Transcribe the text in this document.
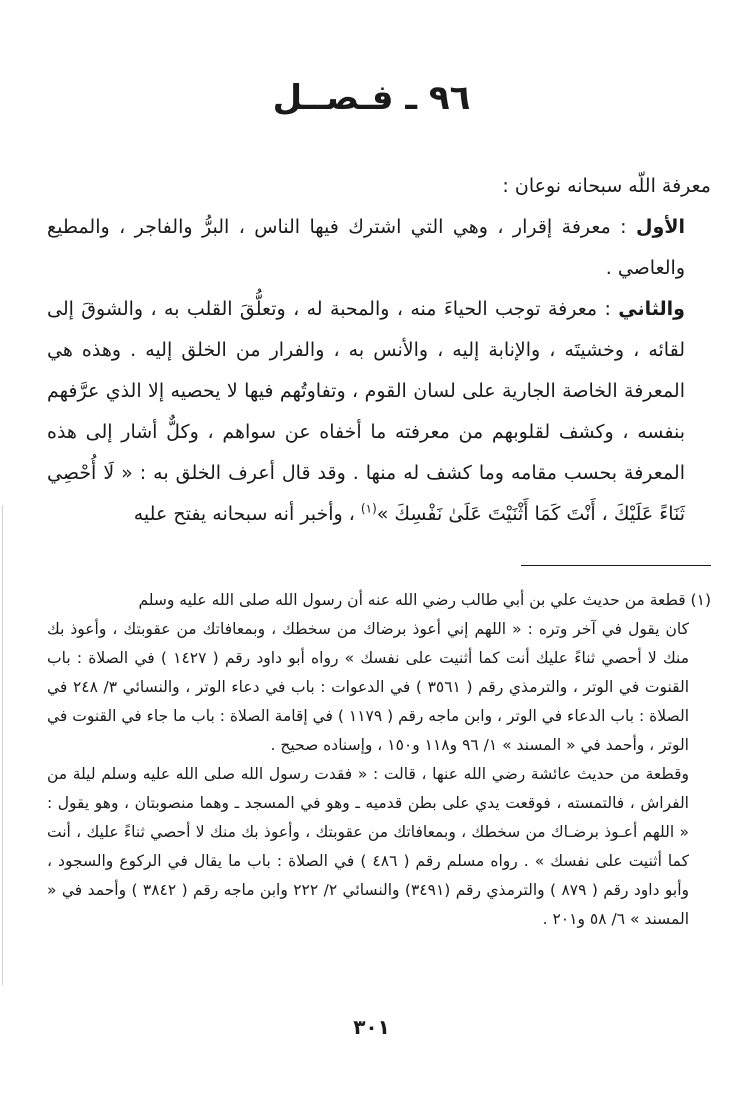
٩٦ ـ فـصــل

معرفة اللّه سبحانه نوعان :

الأول : معرفة إقرار ، وهي التي اشترك فيها الناس ، البرُّ والفاجر ، والمطيع والعاصي .

والثاني : معرفة توجب الحياءَ منه ، والمحبة له ، وتعلُّقَ القلب به ، والشوقَ إلى لقائه ، وخشيتَه ، والإنابة إليه ، والأنس به ، والفرار من الخلق إليه . وهذه هي المعرفة الخاصة الجارية على لسان القوم ، وتفاوتُهم فيها لا يحصيه إلا الذي عرَّفهم بنفسه ، وكشف لقلوبهم من معرفته ما أخفاه عن سواهم ، وكلٌّ أشار إلى هذه المعرفة بحسب مقامه وما كشف له منها . وقد قال أعرف الخلق به : « لَا أُحْصِي ثَنَاءً عَلَيْكَ ، أَنْتَ كَمَا أَثْنَيْتَ عَلَىٰ نَفْسِكَ »$^{(١)}$ ، وأخبر أنه سبحانه يفتح عليه

(١) قطعة من حديث علي بن أبي طالب رضي الله عنه أن رسول الله صلى الله عليه وسلم

كان يقول في آخر وتره : « اللهم إني أعوذ برضاك من سخطك ، وبمعافاتك من عقوبتك ، وأعوذ بك منك لا أحصي ثناءً عليك أنت كما أثنيت على نفسك » رواه أبو داود رقم ( ١٤٢٧ ) في الصلاة : باب القنوت في الوتر ، والترمذي رقم ( ٣٥٦١ ) في الدعوات : باب في دعاء الوتر ، والنسائي ٣/ ٢٤٨ في الصلاة : باب الدعاء في الوتر ، وابن ماجه رقم ( ١١٧٩ ) في إقامة الصلاة : باب ما جاء في القنوت في الوتر ، وأحمد في « المسند » ١/ ٩٦ و١١٨ و١٥٠ ، وإسناده صحيح .

وقطعة من حديث عائشة رضي الله عنها ، قالت : « فقدت رسول الله صلى الله عليه وسلم ليلة من الفراش ، فالتمسته ، فوقعت يدي على بطن قدميه ـ وهو في المسجد ـ وهما منصوبتان ، وهو يقول : « اللهم أعـوذ برضـاك من سخطك ، وبمعافاتك من عقوبتك ، وأعوذ بك منك لا أحصي ثناءً عليك ، أنت كما أثنيت على نفسك » . رواه مسلم رقم ( ٤٨٦ ) في الصلاة : باب ما يقال في الركوع والسجود ، وأبو داود رقم ( ٨٧٩ ) والترمذي رقم (٣٤٩١) والنسائي ٢/ ٢٢٢ وابن ماجه رقم ( ٣٨٤٢ ) وأحمد في « المسند » ٦/ ٥٨ و٢٠١ .

٣٠١
